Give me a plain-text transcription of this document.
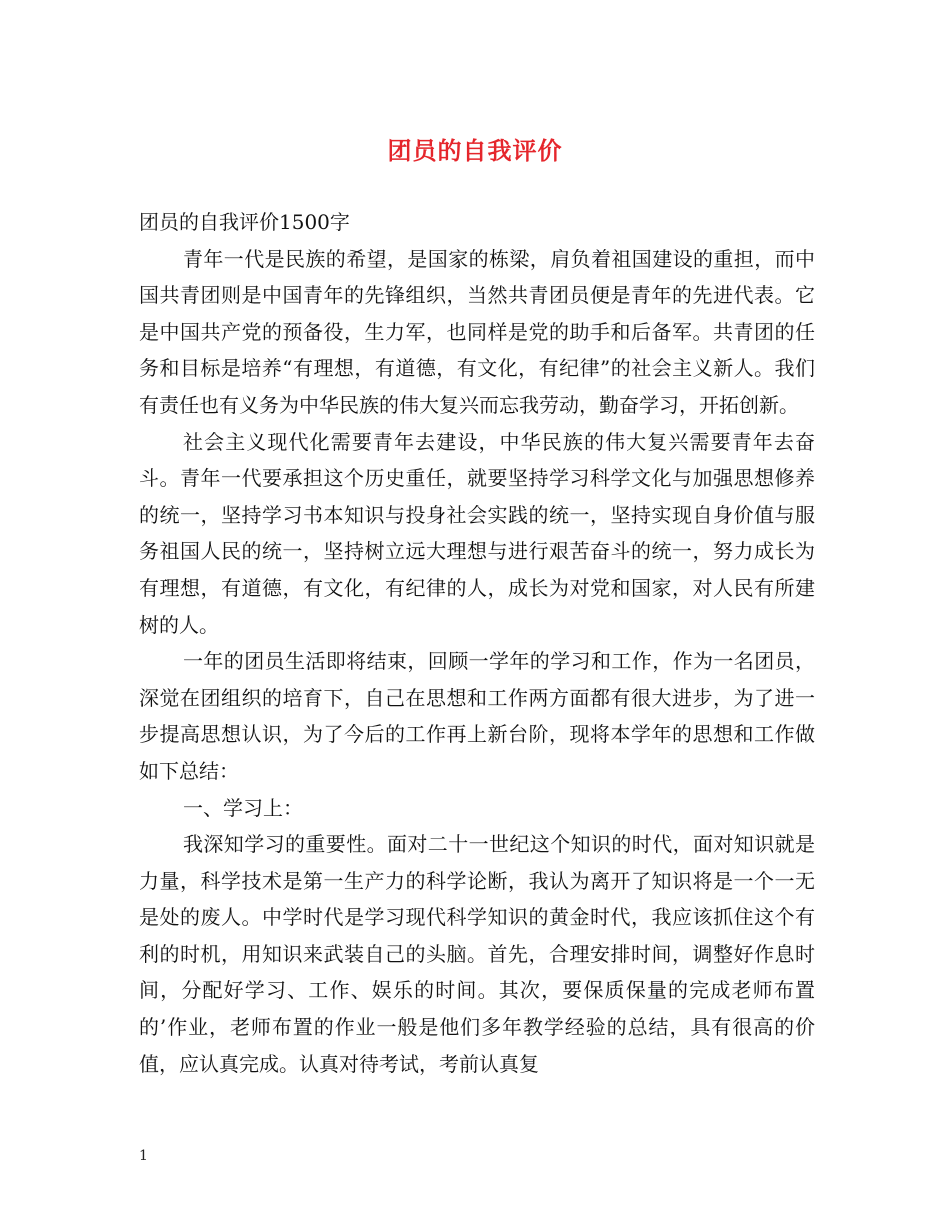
团员的自我评价

团员的自我评价1500字

青年一代是民族的希望，是国家的栋梁，肩负着祖国建设的重担，而中国共青团则是中国青年的先锋组织，当然共青团员便是青年的先进代表。它是中国共产党的预备役，生力军，也同样是党的助手和后备军。共青团的任务和目标是培养“有理想，有道德，有文化，有纪律”的社会主义新人。我们有责任也有义务为中华民族的伟大复兴而忘我劳动，勤奋学习，开拓创新。

社会主义现代化需要青年去建设，中华民族的伟大复兴需要青年去奋斗。青年一代要承担这个历史重任，就要坚持学习科学文化与加强思想修养的统一，坚持学习书本知识与投身社会实践的统一，坚持实现自身价值与服务祖国人民的统一，坚持树立远大理想与进行艰苦奋斗的统一，努力成长为有理想，有道德，有文化，有纪律的人，成长为对党和国家，对人民有所建树的人。

一年的团员生活即将结束，回顾一学年的学习和工作，作为一名团员，深觉在团组织的培育下，自己在思想和工作两方面都有很大进步，为了进一步提高思想认识，为了今后的工作再上新台阶，现将本学年的思想和工作做如下总结：

一、学习上：

我深知学习的重要性。面对二十一世纪这个知识的时代，面对知识就是力量，科学技术是第一生产力的科学论断，我认为离开了知识将是一个一无是处的废人。中学时代是学习现代科学知识的黄金时代，我应该抓住这个有利的时机，用知识来武装自己的头脑。首先，合理安排时间，调整好作息时间，分配好学习、工作、娱乐的时间。其次，要保质保量的完成老师布置的’作业，老师布置的作业一般是他们多年教学经验的总结，具有很高的价值，应认真完成。认真对待考试，考前认真复

1
